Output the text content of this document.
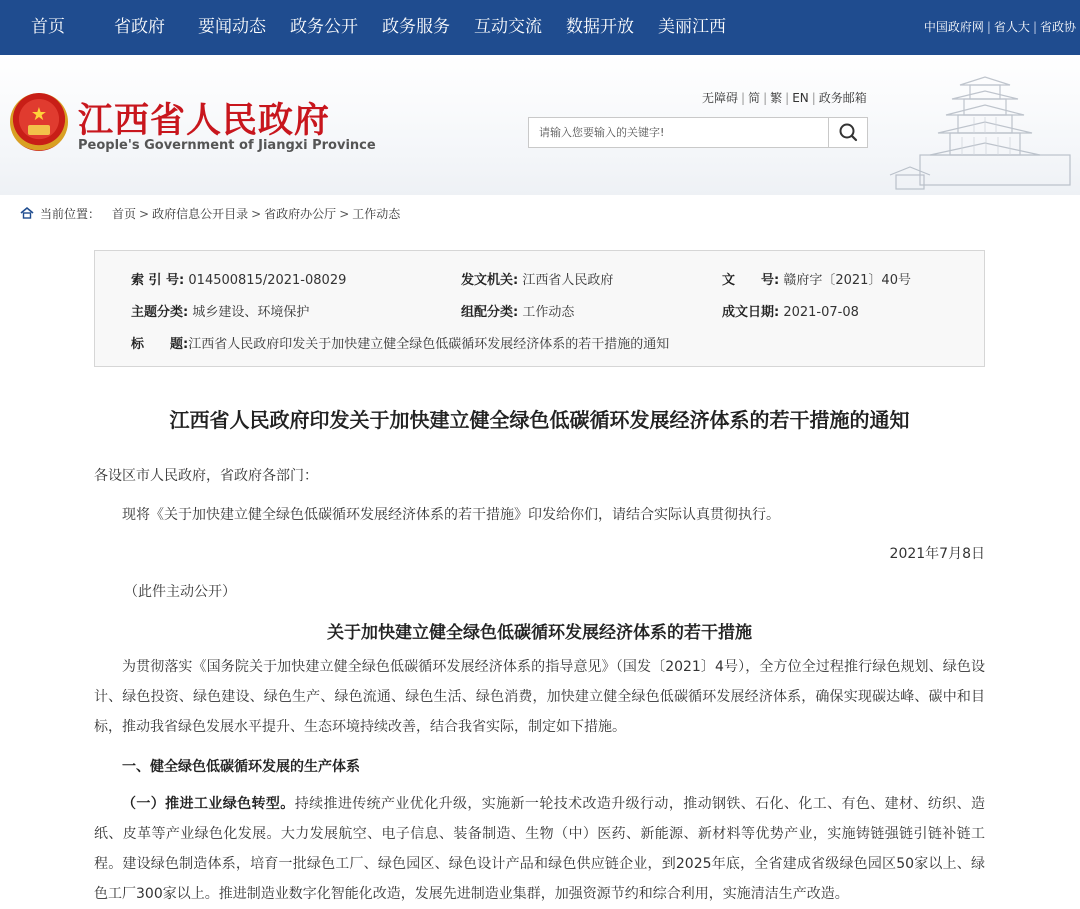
首页	省政府 要闻动态 政务公开 政务服务 互动交流 数据开放 美丽江西	中国政府网 | 省人大 | 省政协
★ 江西省人民政府
People's Government of Jiangxi Province
无障碍 | 简 | 繁 | EN | 政务邮箱
请输入您要输入的关键字!
当前位置： 首页 > 政府信息公开目录 > 省政府办公厅 > 工作动态
索 引 号: 014500815/2021-08029	发文机关: 江西省人民政府	文　　号: 赣府字〔2021〕40号
主题分类: 城乡建设、环境保护	组配分类: 工作动态	成文日期: 2021-07-08
标　　题:江西省人民政府印发关于加快建立健全绿色低碳循环发展经济体系的若干措施的通知
江西省人民政府印发关于加快建立健全绿色低碳循环发展经济体系的若干措施的通知
各设区市人民政府，省政府各部门：
现将《关于加快建立健全绿色低碳循环发展经济体系的若干措施》印发给你们，请结合实际认真贯彻执行。
2021年7月8日
（此件主动公开）
关于加快建立健全绿色低碳循环发展经济体系的若干措施
为贯彻落实《国务院关于加快建立健全绿色低碳循环发展经济体系的指导意见》（国发〔2021〕4号），全方位全过程推行绿色规划、绿色设计、绿色投资、绿色建设、绿色生产、绿色流通、绿色生活、绿色消费，加快建立健全绿色低碳循环发展经济体系，确保实现碳达峰、碳中和目标，推动我省绿色发展水平提升、生态环境持续改善，结合我省实际，制定如下措施。
一、健全绿色低碳循环发展的生产体系
（一）推进工业绿色转型。持续推进传统产业优化升级，实施新一轮技术改造升级行动，推动钢铁、石化、化工、有色、建材、纺织、造纸、皮革等产业绿色化发展。大力发展航空、电子信息、装备制造、生物（中）医药、新能源、新材料等优势产业，实施铸链强链引链补链工程。建设绿色制造体系，培育一批绿色工厂、绿色园区、绿色设计产品和绿色供应链企业，到2025年底，全省建成省级绿色园区50家以上、绿色工厂300家以上。推进制造业数字化智能化改造，发展先进制造业集群，加强资源节约和综合利用，实施清洁生产改造。
